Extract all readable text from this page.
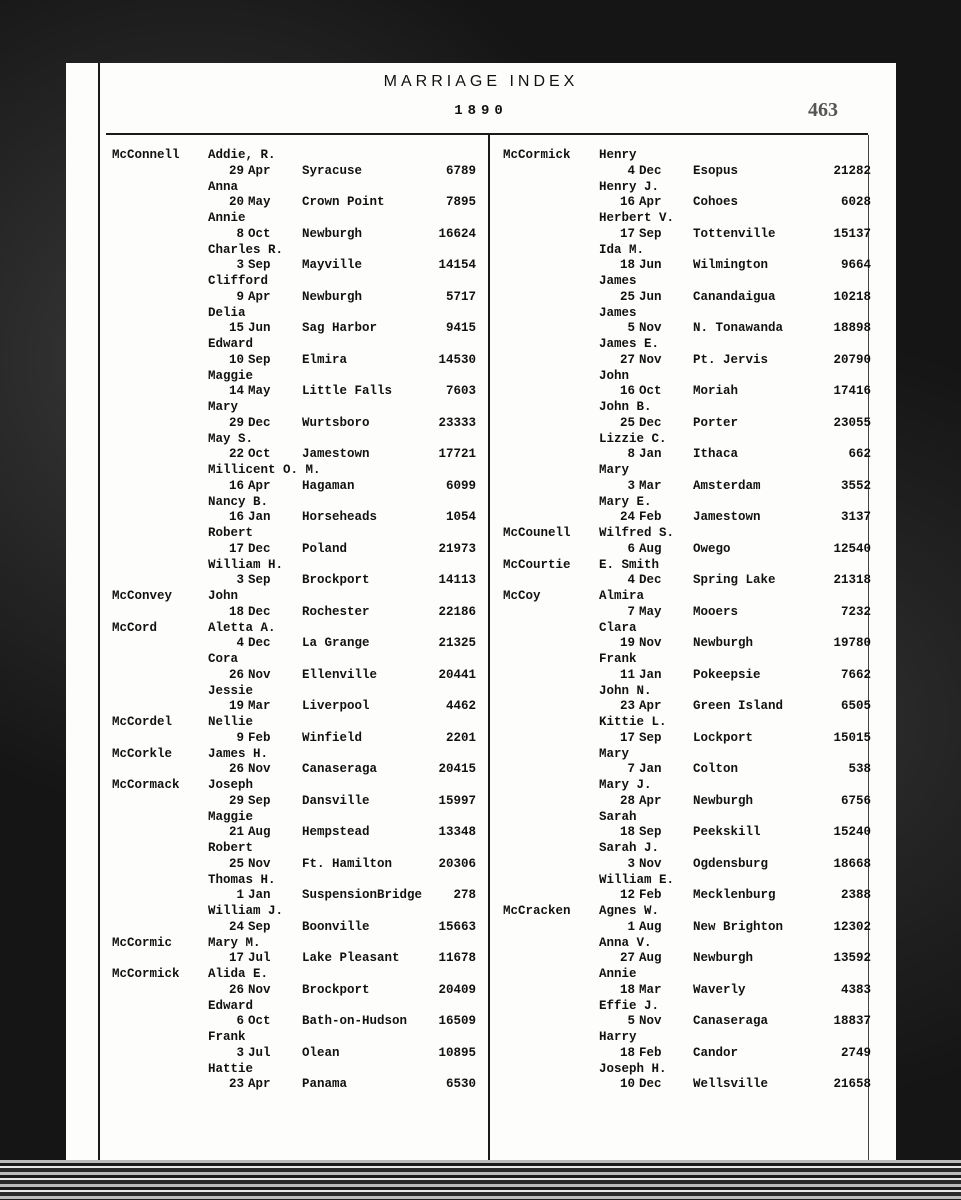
MARRIAGE INDEX
1890	463
McConnell Addie, R.
29 Apr	Syracuse	6789
Anna
20 May	Crown Point	7895
Annie
8 Oct	Newburgh	16624
Charles R.
3 Sep	Mayville	14154
Clifford
9 Apr	Newburgh	5717
Delia
15 Jun	Sag Harbor	9415
Edward
10 Sep	Elmira	14530
Maggie
14 May	Little Falls	7603
Mary
29 Dec	Wurtsboro	23333
May S.
22 Oct	Jamestown	17721
Millicent O. M.
16 Apr	Hagaman	6099
Nancy B.
16 Jan	Horseheads	1054
Robert
17 Dec	Poland	21973
William H.
3 Sep	Brockport	14113
McConvey	John
18 Dec	Rochester	22186
McCord	Aletta A.
4 Dec	La Grange	21325
Cora
26 Nov	Ellenville	20441
Jessie
19 Mar	Liverpool	4462
McCordel	Nellie
9 Feb	Winfield	2201
McCorkle	James H.
26 Nov	Canaseraga	20415
McCormack Joseph
29 Sep	Dansville	15997
Maggie
21 Aug	Hempstead	13348
Robert
25 Nov	Ft. Hamilton	20306
Thomas H.
1 Jan	SuspensionBridge	278
William J.
24 Sep	Boonville	15663
McCormic	Mary M.
17 Jul	Lake Pleasant	11678
McCormick Alida E.
26 Nov	Brockport	20409
Edward
6 Oct	Bath-on-Hudson	16509
Frank
3 Jul	Olean	10895
Hattie
23 Apr	Panama	6530
McCormick Henry
4 Dec	Esopus	21282
Henry J.
16 Apr	Cohoes	6028
Herbert V.
17 Sep	Tottenville	15137
Ida M.
18 Jun	Wilmington	9664
James
25 Jun	Canandaigua	10218
James
5 Nov	N. Tonawanda	18898
James E.
27 Nov	Pt. Jervis	20790
John
16 Oct	Moriah	17416
John B.
25 Dec	Porter	23055
Lizzie C.
8 Jan	Ithaca	662
Mary
3 Mar	Amsterdam	3552
Mary E.
24 Feb	Jamestown	3137
McCounell Wilfred S.
6 Aug	Owego	12540
McCourtie E. Smith
4 Dec	Spring Lake	21318
McCoy	Almira
7 May	Mooers	7232
Clara
19 Nov	Newburgh	19780
Frank
11 Jan	Pokeepsie	7662
John N.
23 Apr	Green Island	6505
Kittie L.
17 Sep	Lockport	15015
Mary
7 Jan	Colton	538
Mary J.
28 Apr	Newburgh	6756
Sarah
18 Sep	Peekskill	15240
Sarah J.
3 Nov	Ogdensburg	18668
William E.
12 Feb	Mecklenburg	2388
McCracken Agnes W.
1 Aug	New Brighton	12302
Anna V.
27 Aug	Newburgh	13592
Annie
18 Mar	Waverly	4383
Effie J.
5 Nov	Canaseraga	18837
Harry
18 Feb	Candor	2749
Joseph H.
10 Dec	Wellsville	21658
